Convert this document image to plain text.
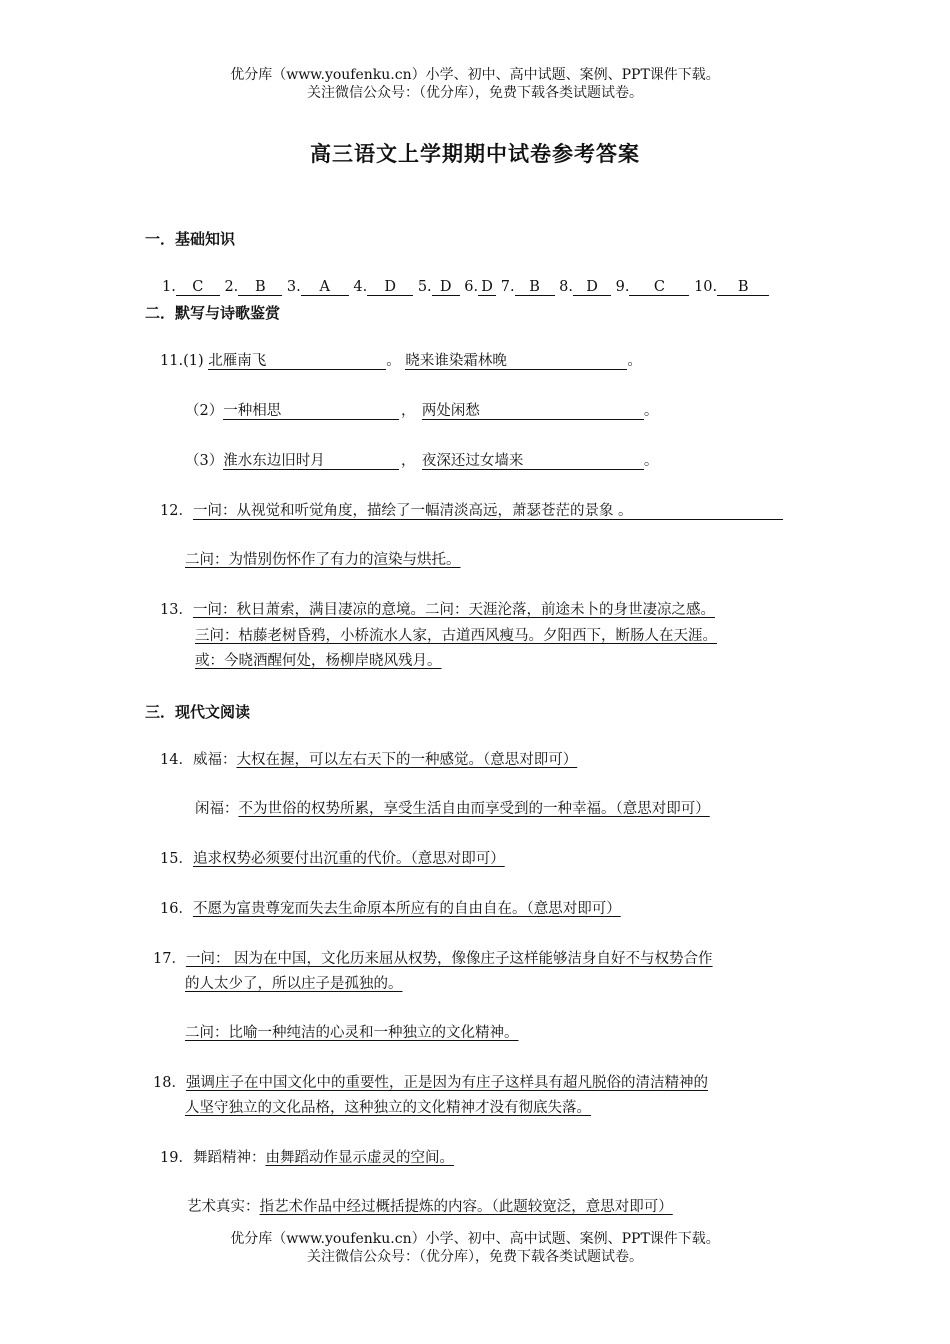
优分库（www.youfenku.cn）小学、初中、高中试题、案例、PPT课件下载。
关注微信公众号：（优分库），免费下载各类试题试卷。
高三语文上学期期中试卷参考答案
一．基础知识
1. C 2. B 3. A 4. D 5. D 6. D 7. B 8. D 9. C 10. B
二．默写与诗歌鉴赏
11.(1) 北雁南飞	。 晓来谁染霜林晚	。
（2）一种相思	， 两处闲愁	。
（3）淮水东边旧时月	， 夜深还过女墙来	。
12．一问：从视觉和听觉角度，描绘了一幅清淡高远，萧瑟苍茫的景象 。
二问：为惜别伤怀作了有力的渲染与烘托。
13．一问：秋日萧索，满目凄凉的意境。二问：天涯沦落，前途未卜的身世凄凉之感。
三问：枯藤老树昏鸦，小桥流水人家，古道西风瘦马。夕阳西下，断肠人在天涯。
或：今晓酒醒何处，杨柳岸晓风残月。
三．现代文阅读
14．威福：大权在握，可以左右天下的一种感觉。（意思对即可）
闲福：不为世俗的权势所累，享受生活自由而享受到的一种幸福。（意思对即可）
15．追求权势必须要付出沉重的代价。（意思对即可）
16．不愿为富贵尊宠而失去生命原本所应有的自由自在。（意思对即可）
17．一问： 因为在中国，文化历来屈从权势，像像庄子这样能够洁身自好不与权势合作
的人太少了，所以庄子是孤独的。
二问：比喻一种纯洁的心灵和一种独立的文化精神。
18．强调庄子在中国文化中的重要性，正是因为有庄子这样具有超凡脱俗的清洁精神的
人坚守独立的文化品格，这种独立的文化精神才没有彻底失落。
19．舞蹈精神：由舞蹈动作显示虚灵的空间。
艺术真实：指艺术作品中经过概括提炼的内容。（此题较宽泛，意思对即可）
优分库（www.youfenku.cn）小学、初中、高中试题、案例、PPT课件下载。
关注微信公众号：（优分库），免费下载各类试题试卷。
